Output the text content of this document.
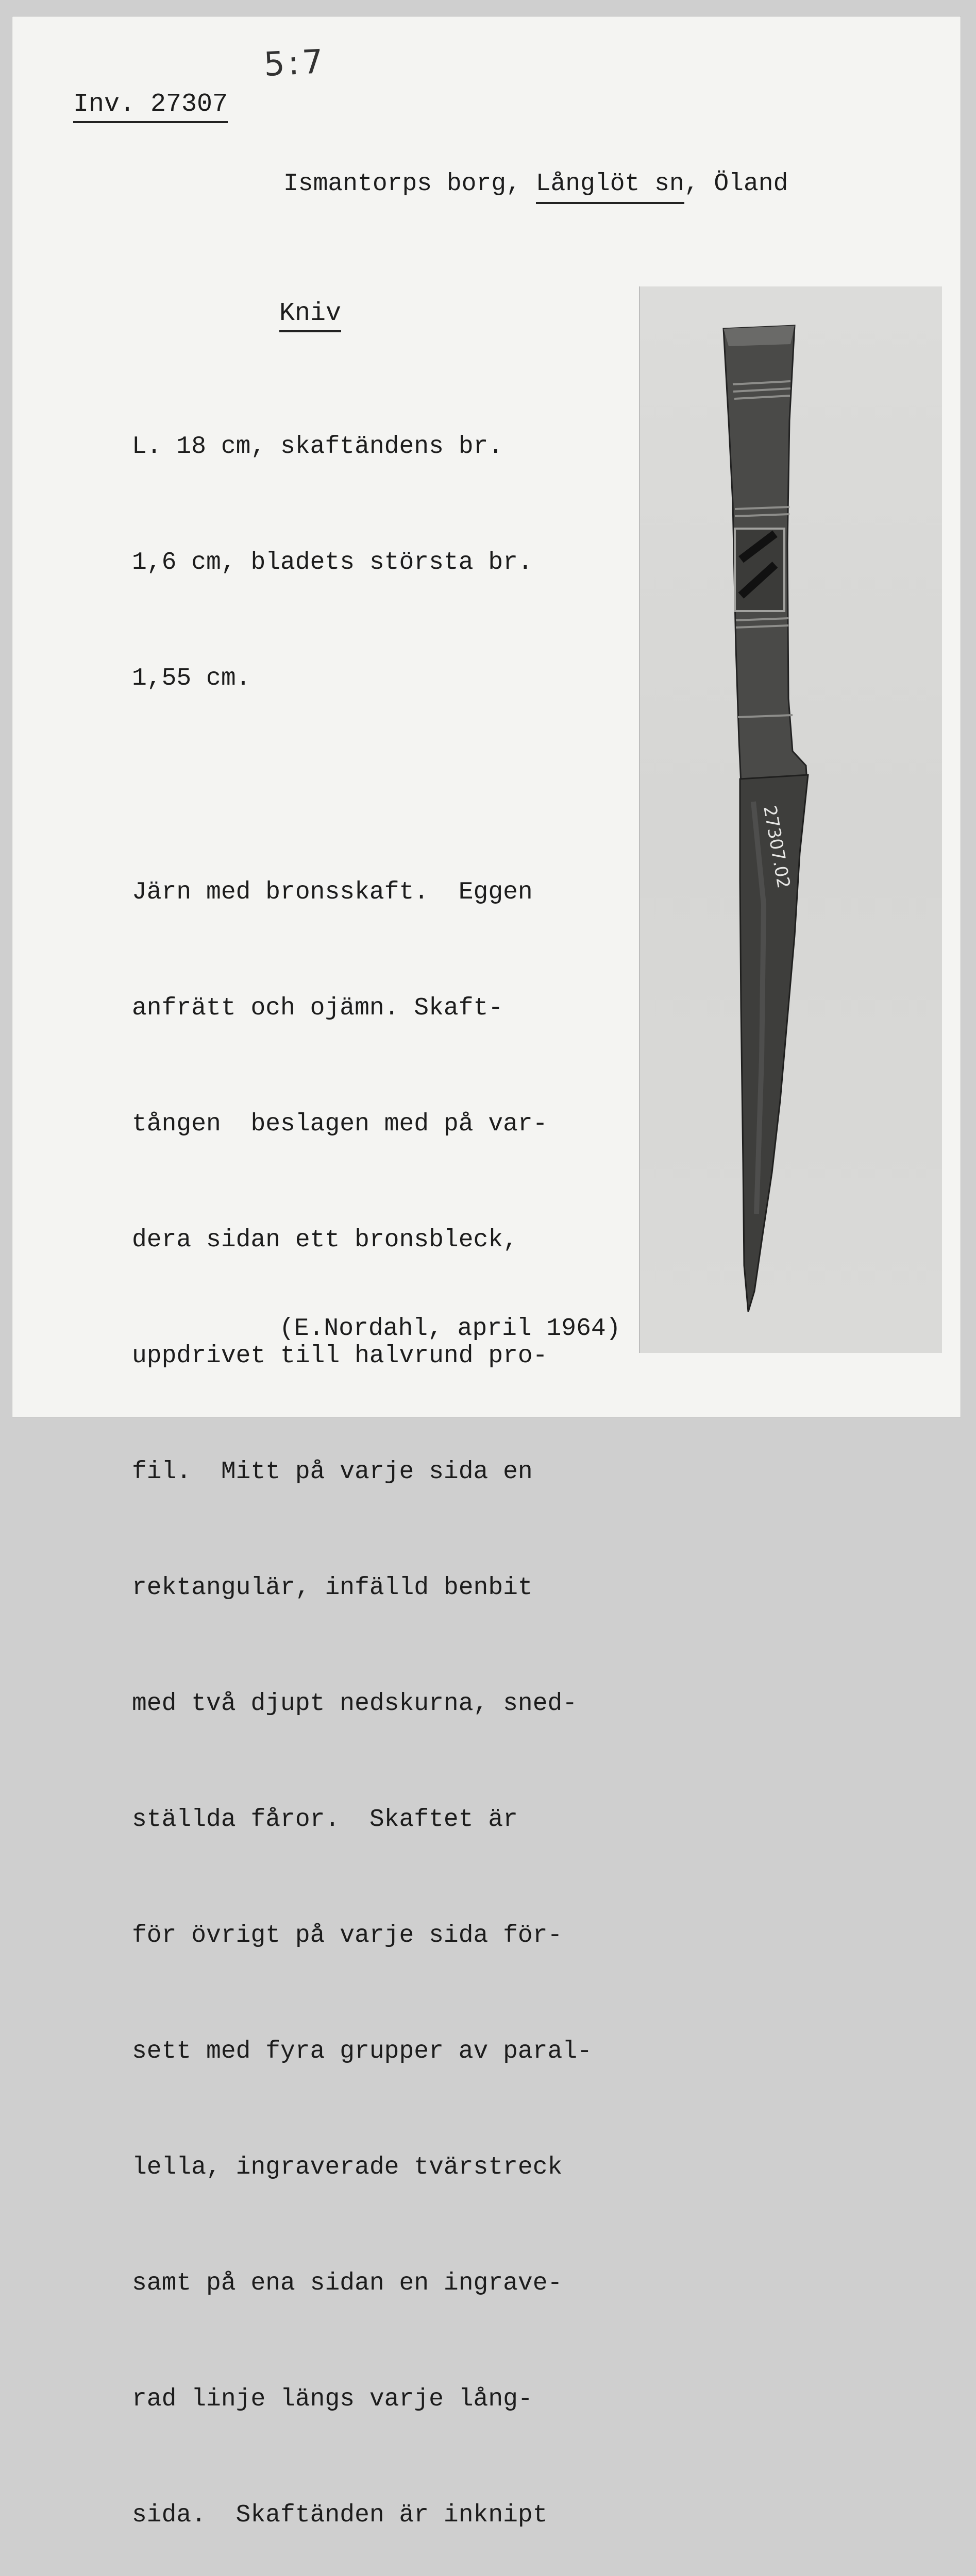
5:7
Inv. 27307
Ismantorps borg, Långlöt sn, Öland
Kniv

L. 18 cm, skaftändens br.

1,6 cm, bladets största br.

1,55 cm.

Järn med bronsskaft.  Eggen

anfrätt och ojämn. Skaft-

tången  beslagen med på var-

dera sidan ett bronsbleck,

uppdrivet till halvrund pro-

fil.  Mitt på varje sida en

rektangulär, infälld benbit

med två djupt nedskurna, sned-

ställda fåror.  Skaftet är

för övrigt på varje sida för-

sett med fyra grupper av paral-

lella, ingraverade tvärstreck

samt på ena sidan en ingrave-

rad linje längs varje lång-

sida.  Skaftänden är inknipt

(E.Nordahl, april 1964)
27307.02
